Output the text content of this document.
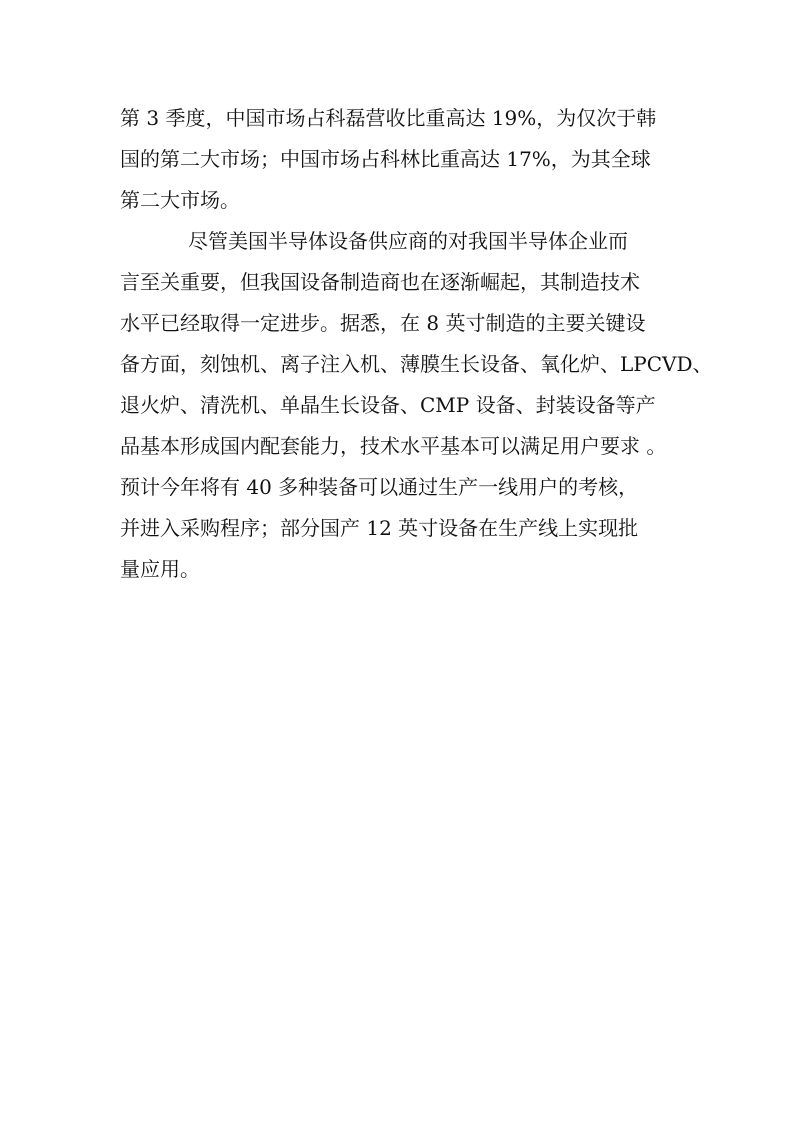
第 3 季度，中国市场占科磊营收比重高达 19%，为仅次于韩
国的第二大市场；中国市场占科林比重高达 17%，为其全球
第二大市场。
尽管美国半导体设备供应商的对我国半导体企业而
言至关重要，但我国设备制造商也在逐渐崛起，其制造技术
水平已经取得一定进步。据悉，在 8 英寸制造的主要关键设
备方面，刻蚀机、离子注入机、薄膜生长设备、氧化炉、LPCVD、
退火炉、清洗机、单晶生长设备、CMP 设备、封装设备等产
品基本形成国内配套能力，技术水平基本可以满足用户要求 。
预计今年将有 40 多种装备可以通过生产一线用户的考核，
并进入采购程序；部分国产 12 英寸设备在生产线上实现批
量应用。
